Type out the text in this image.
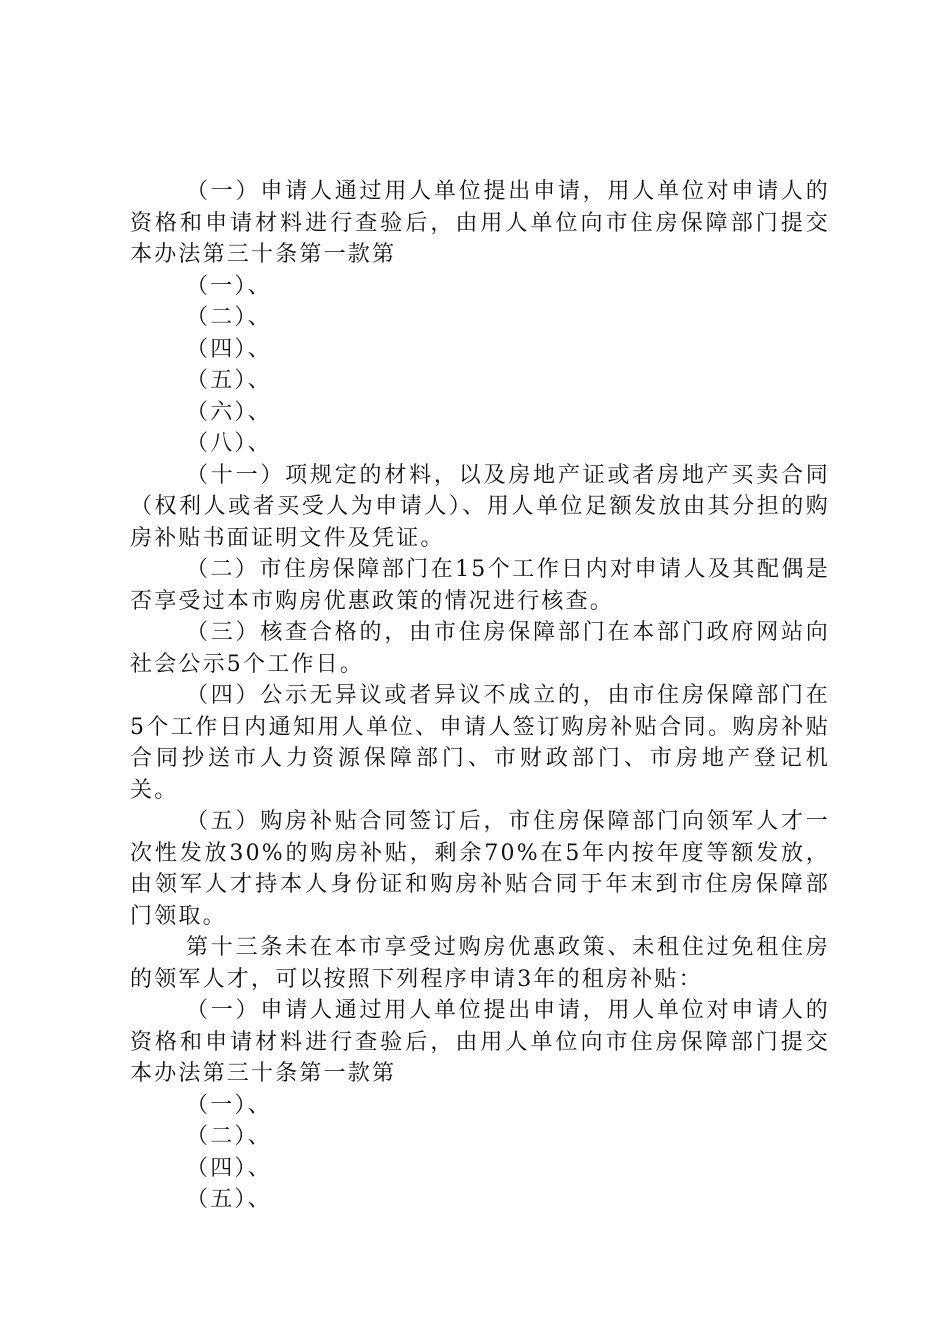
（一）申请人通过用人单位提出申请，用人单位对申请人的资格和申请材料进行查验后，由用人单位向市住房保障部门提交本办法第三十条第一款第

（一）、

（二）、

（四）、

（五）、

（六）、

（八）、

（十一）项规定的材料，以及房地产证或者房地产买卖合同（权利人或者买受人为申请人）、用人单位足额发放由其分担的购房补贴书面证明文件及凭证。

（二）市住房保障部门在15个工作日内对申请人及其配偶是否享受过本市购房优惠政策的情况进行核查。

（三）核查合格的，由市住房保障部门在本部门政府网站向社会公示5个工作日。

（四）公示无异议或者异议不成立的，由市住房保障部门在5个工作日内通知用人单位、申请人签订购房补贴合同。购房补贴合同抄送市人力资源保障部门、市财政部门、市房地产登记机关。

（五）购房补贴合同签订后，市住房保障部门向领军人才一次性发放30%的购房补贴，剩余70%在5年内按年度等额发放，由领军人才持本人身份证和购房补贴合同于年末到市住房保障部门领取。

第十三条未在本市享受过购房优惠政策、未租住过免租住房的领军人才，可以按照下列程序申请3年的租房补贴：

（一）申请人通过用人单位提出申请，用人单位对申请人的资格和申请材料进行查验后，由用人单位向市住房保障部门提交本办法第三十条第一款第

（一）、

（二）、

（四）、

（五）、
